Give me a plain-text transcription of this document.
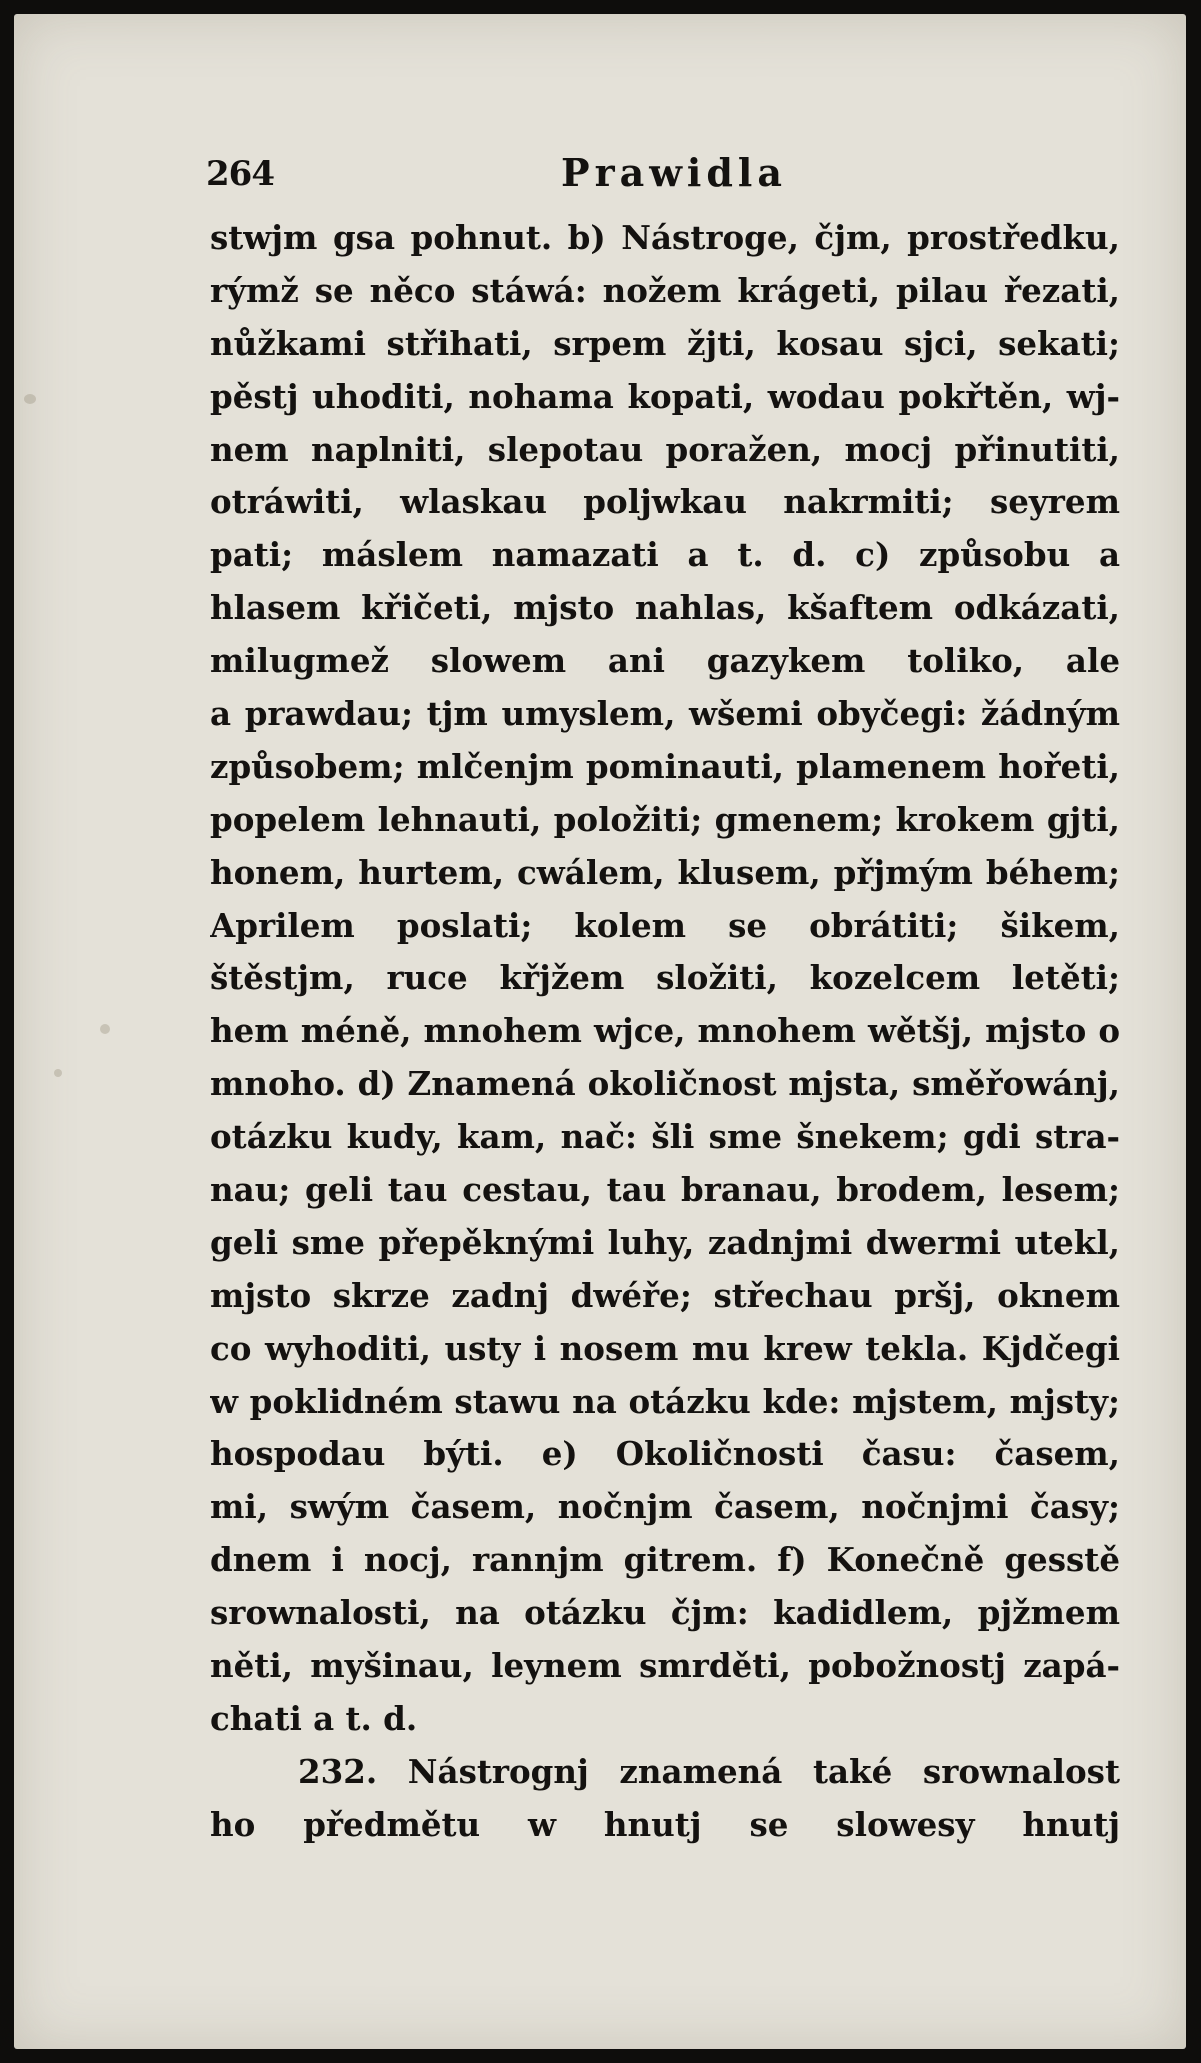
264	Prawidla
stwjm gsa pohnut. b) Nástroge, čjm, prostředku,
rýmž se něco stáwá: nožem krágeti, pilau řezati,
nůžkami střihati, srpem žjti, kosau sjci, sekati;
pěstj uhoditi, nohama kopati, wodau pokřtěn, wj-
nem naplniti, slepotau poražen, mocj přinutiti,
otráwiti, wlaskau poljwkau nakrmiti; seyrem
pati; máslem namazati a t. d. c) způsobu a
hlasem křičeti, mjsto nahlas, kšaftem odkázati,
milugmež slowem ani gazykem toliko, ale
a prawdau; tjm umyslem, wšemi obyčegi: žádným
způsobem; mlčenjm pominauti, plamenem hořeti,
popelem lehnauti, položiti; gmenem; krokem gjti,
honem, hurtem, cwálem, klusem, přjmým béhem;
Aprilem poslati; kolem se obrátiti; šikem,
štěstjm, ruce křjžem složiti, kozelcem letěti;
hem méně, mnohem wjce, mnohem wětšj, mjsto o
mnoho. d) Znamená okoličnost mjsta, směřowánj,
otázku kudy, kam, nač: šli sme šnekem; gdi stra-
nau; geli tau cestau, tau branau, brodem, lesem;
geli sme přepěknými luhy, zadnjmi dwermi utekl,
mjsto skrze zadnj dwéře; střechau pršj, oknem
co wyhoditi, usty i nosem mu krew tekla. Kjdčegi
w poklidném stawu na otázku kde: mjstem, mjsty;
hospodau býti. e) Okoličnosti času: časem,
mi, swým časem, nočnjm časem, nočnjmi časy;
dnem i nocj, rannjm gitrem. f) Konečně gesstě
srownalosti, na otázku čjm: kadidlem, pjžmem
něti, myšinau, leynem smrděti, pobožnostj zapá-
chati a t. d.
232. Nástrognj znamená také srownalost
ho předmětu w hnutj se slowesy hnutj
